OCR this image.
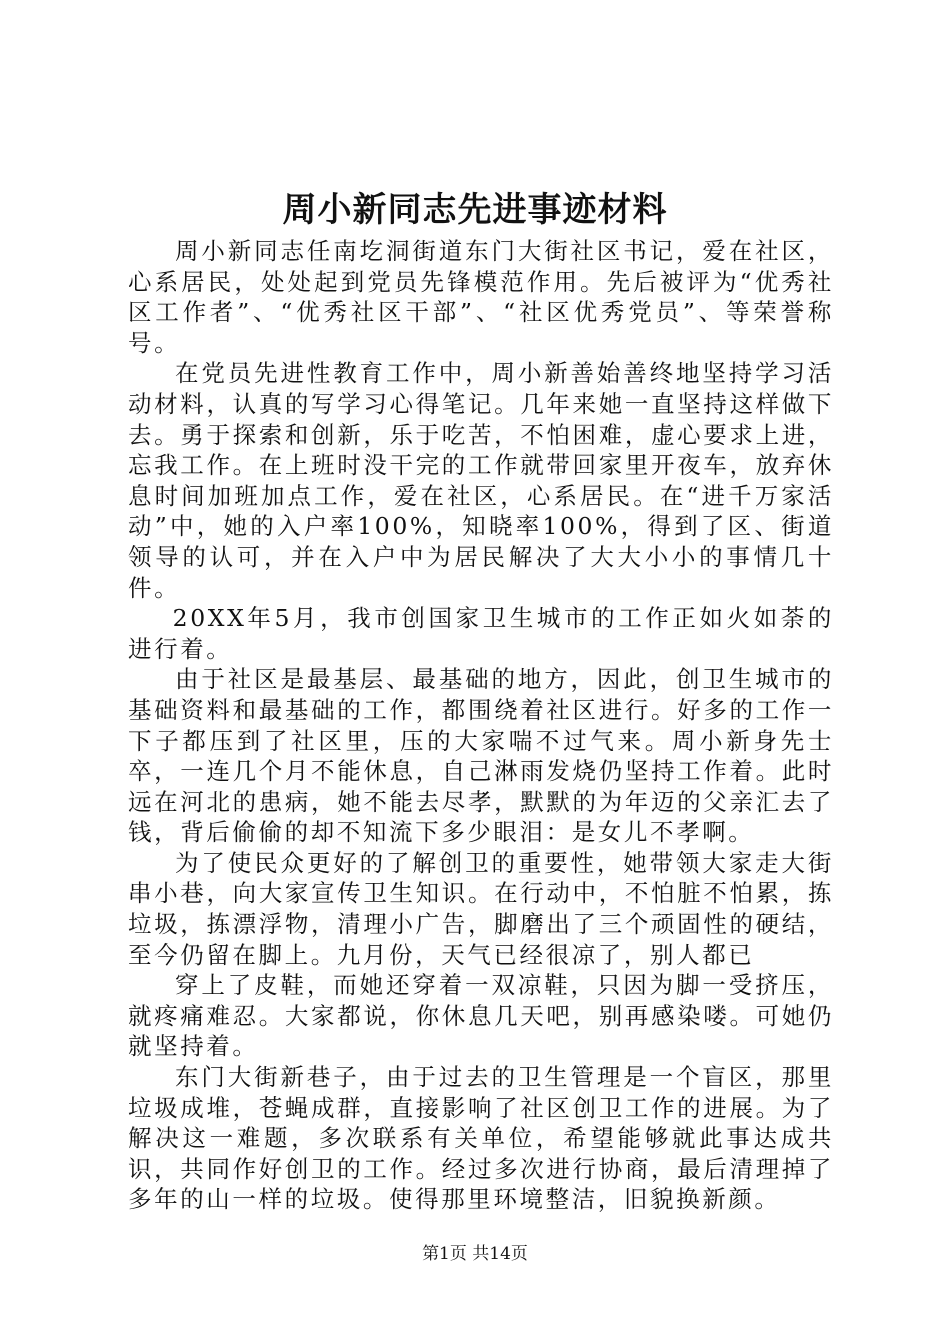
周小新同志先进事迹材料

周小新同志任南圪洞街道东门大街社区书记，爱在社区，心系居民，处处起到党员先锋模范作用。先后被评为“优秀社区工作者”、“优秀社区干部”、“社区优秀党员”、等荣誉称号。

在党员先进性教育工作中，周小新善始善终地坚持学习活动材料，认真的写学习心得笔记。几年来她一直坚持这样做下去。勇于探索和创新，乐于吃苦，不怕困难，虚心要求上进，忘我工作。在上班时没干完的工作就带回家里开夜车，放弃休息时间加班加点工作，爱在社区，心系居民。在“进千万家活动”中，她的入户率100%，知晓率100%，得到了区、街道领导的认可，并在入户中为居民解决了大大小小的事情几十件。

20XX年5月，我市创国家卫生城市的工作正如火如荼的进行着。

由于社区是最基层、最基础的地方，因此，创卫生城市的基础资料和最基础的工作，都围绕着社区进行。好多的工作一下子都压到了社区里，压的大家喘不过气来。周小新身先士卒，一连几个月不能休息，自己淋雨发烧仍坚持工作着。此时远在河北的患病，她不能去尽孝，默默的为年迈的父亲汇去了钱，背后偷偷的却不知流下多少眼泪：是女儿不孝啊。

为了使民众更好的了解创卫的重要性，她带领大家走大街串小巷，向大家宣传卫生知识。在行动中，不怕脏不怕累，拣垃圾，拣漂浮物，清理小广告，脚磨出了三个顽固性的硬结，至今仍留在脚上。九月份，天气已经很凉了，别人都已

穿上了皮鞋，而她还穿着一双凉鞋，只因为脚一受挤压，就疼痛难忍。大家都说，你休息几天吧，别再感染喽。可她仍就坚持着。

东门大街新巷子，由于过去的卫生管理是一个盲区，那里垃圾成堆，苍蝇成群，直接影响了社区创卫工作的进展。为了解决这一难题，多次联系有关单位，希望能够就此事达成共识，共同作好创卫的工作。经过多次进行协商，最后清理掉了多年的山一样的垃圾。使得那里环境整洁，旧貌换新颜。

第1页 共14页
